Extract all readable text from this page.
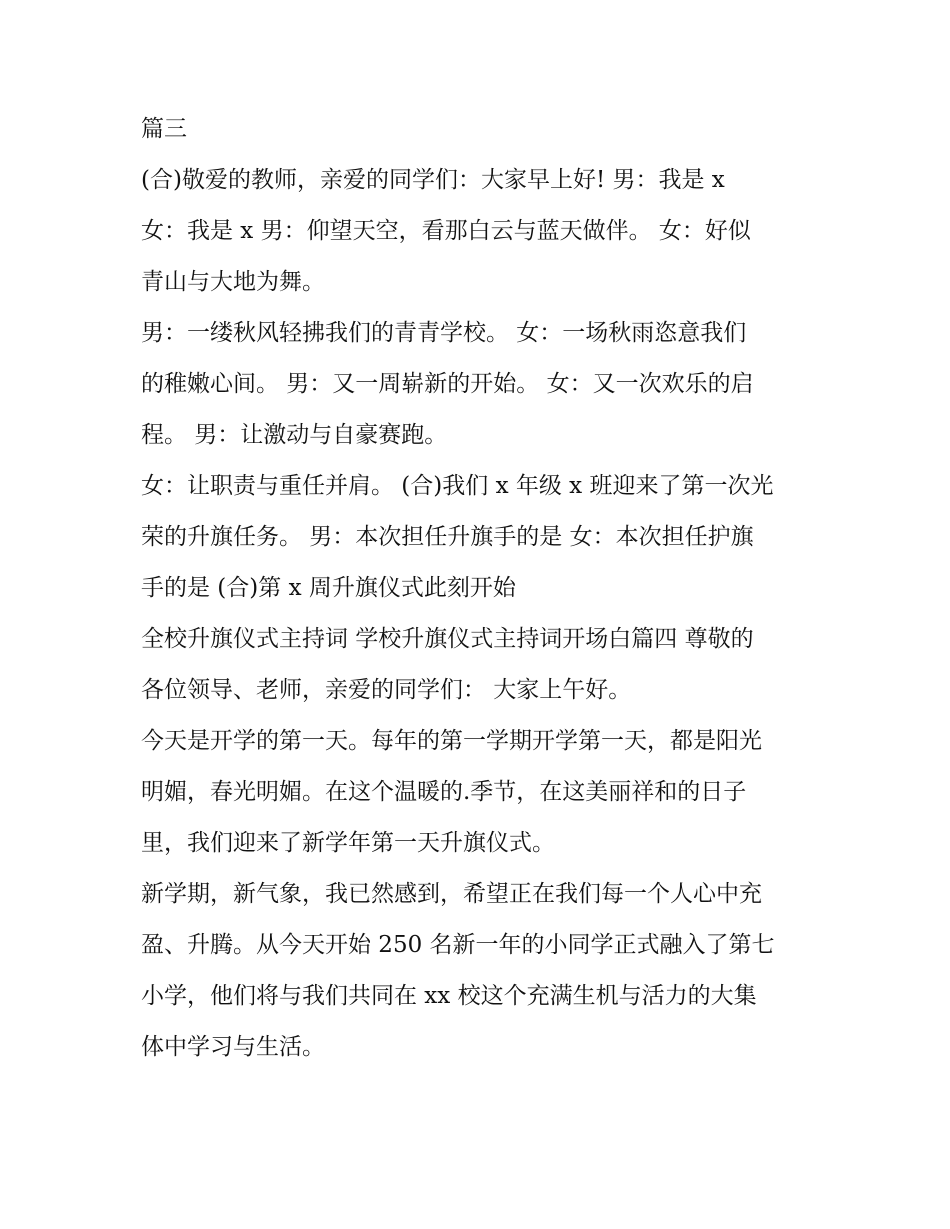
篇三
(合)敬爱的教师，亲爱的同学们：大家早上好! 男：我是 x
女：我是 x 男：仰望天空，看那白云与蓝天做伴。 女：好似
青山与大地为舞。
男：一缕秋风轻拂我们的青青学校。 女：一场秋雨恣意我们
的稚嫩心间。 男：又一周崭新的开始。 女：又一次欢乐的启
程。 男：让激动与自豪赛跑。
女：让职责与重任并肩。 (合)我们 x 年级 x 班迎来了第一次光
荣的升旗任务。 男：本次担任升旗手的是 女：本次担任护旗
手的是 (合)第 x 周升旗仪式此刻开始
全校升旗仪式主持词 学校升旗仪式主持词开场白篇四 尊敬的
各位领导、老师，亲爱的同学们： 大家上午好。
今天是开学的第一天。每年的第一学期开学第一天，都是阳光
明媚，春光明媚。在这个温暖的.季节，在这美丽祥和的日子
里，我们迎来了新学年第一天升旗仪式。
新学期，新气象，我已然感到，希望正在我们每一个人心中充
盈、升腾。从今天开始 250 名新一年的小同学正式融入了第七
小学，他们将与我们共同在 xx 校这个充满生机与活力的大集
体中学习与生活。
